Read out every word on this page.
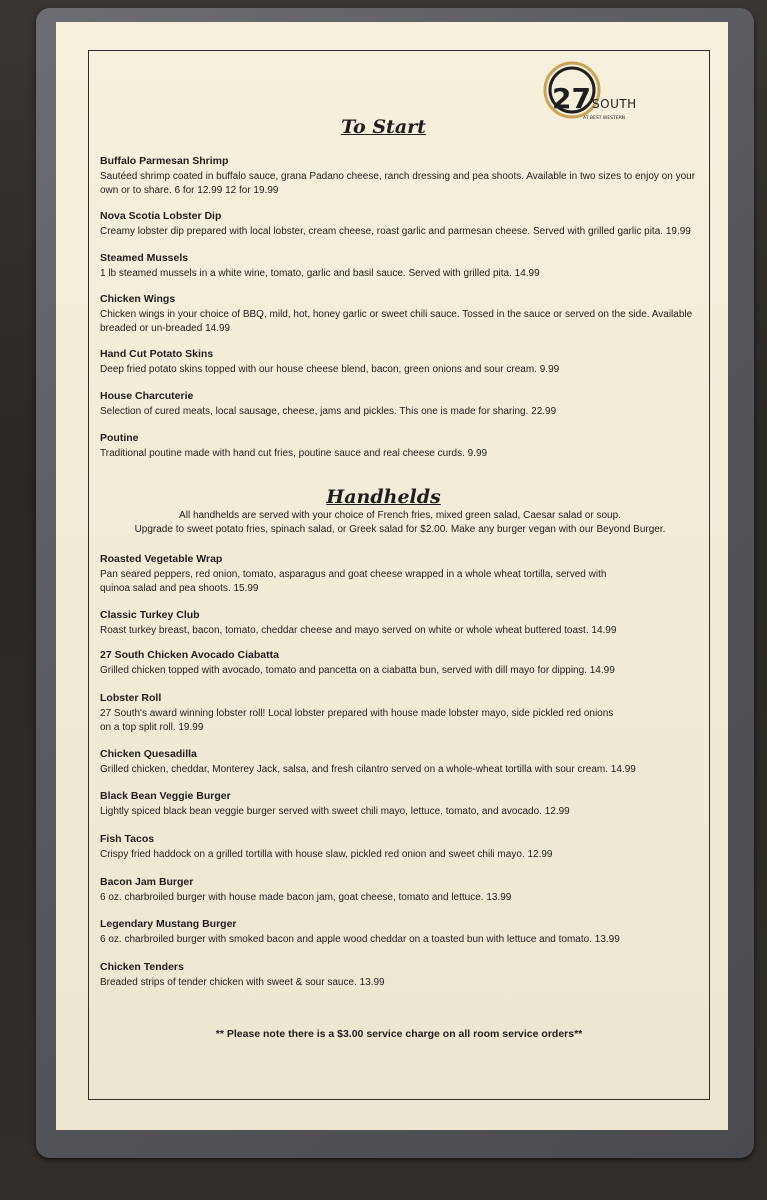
27 SOUTH
AT BEST WESTERN
To Start
Buffalo Parmesan Shrimp
Sautéed shrimp coated in buffalo sauce, grana Padano cheese, ranch dressing and pea shoots. Available in two sizes to enjoy on your own or to share. 6 for 12.99 12 for 19.99
Nova Scotia Lobster Dip
Creamy lobster dip prepared with local lobster, cream cheese, roast garlic and parmesan cheese. Served with grilled garlic pita. 19.99
Steamed Mussels
1 lb steamed mussels in a white wine, tomato, garlic and basil sauce. Served with grilled pita. 14.99
Chicken Wings
Chicken wings in your choice of BBQ, mild, hot, honey garlic or sweet chili sauce. Tossed in the sauce or served on the side. Available breaded or un-breaded 14.99
Hand Cut Potato Skins
Deep fried potato skins topped with our house cheese blend, bacon, green onions and sour cream. 9.99
House Charcuterie
Selection of cured meats, local sausage, cheese, jams and pickles. This one is made for sharing. 22.99
Poutine
Traditional poutine made with hand cut fries, poutine sauce and real cheese curds. 9.99
Handhelds
All handhelds are served with your choice of French fries, mixed green salad, Caesar salad or soup.
Upgrade to sweet potato fries, spinach salad, or Greek salad for $2.00. Make any burger vegan with our Beyond Burger.
Roasted Vegetable Wrap
Pan seared peppers, red onion, tomato, asparagus and goat cheese wrapped in a whole wheat tortilla, served with quinoa salad and pea shoots. 15.99
Classic Turkey Club
Roast turkey breast, bacon, tomato, cheddar cheese and mayo served on white or whole wheat buttered toast. 14.99
27 South Chicken Avocado Ciabatta
Grilled chicken topped with avocado, tomato and pancetta on a ciabatta bun, served with dill mayo for dipping. 14.99
Lobster Roll
27 South's award winning lobster roll! Local lobster prepared with house made lobster mayo, side pickled red onions on a top split roll. 19.99
Chicken Quesadilla
Grilled chicken, cheddar, Monterey Jack, salsa, and fresh cilantro served on a whole-wheat tortilla with sour cream. 14.99
Black Bean Veggie Burger
Lightly spiced black bean veggie burger served with sweet chili mayo, lettuce, tomato, and avocado. 12.99
Fish Tacos
Crispy fried haddock on a grilled tortilla with house slaw, pickled red onion and sweet chili mayo. 12.99
Bacon Jam Burger
6 oz. charbroiled burger with house made bacon jam, goat cheese, tomato and lettuce. 13.99
Legendary Mustang Burger
6 oz. charbroiled burger with smoked bacon and apple wood cheddar on a toasted bun with lettuce and tomato. 13.99
Chicken Tenders
Breaded strips of tender chicken with sweet & sour sauce. 13.99
** Please note there is a $3.00 service charge on all room service orders**
